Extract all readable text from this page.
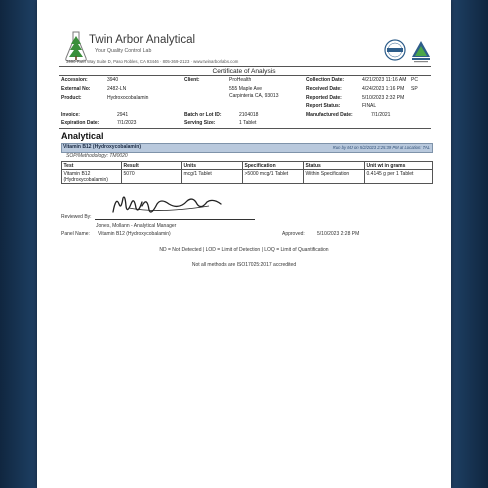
Twin Arbor Analytical
Your Quality Control Lab
3990 Ruth Way Suite D, Paso Robles, CA 93446 · 805-369-2123 · www.twinarborlabs.com
Certificate of Analysis
Accession:	3940
External No:	2482-LN
Product:	Hydroxocobalamin
Invoice:	2941
Expiration Date:	7/1/2023
Client:	ProHealth
555 Maple Ave
Carpinteria CA, 93013
Batch or Lot ID:	2104018
Serving Size:	1 Tablet
Collection Date:	4/21/2023 11:16 AM PC
Received Date:	4/24/2023 1:16 PM SP
Reported Date:	5/10/2023 2:32 PM
Report Status:	FINAL
Manufactured Date:	7/1/2021
Analytical
Vitamin B12 (Hydroxycobalamin)	Run by MJ on 5/2/2023 2:25:39 PM at Location: TAL
SOP/Methodology: TM0020
Test	Result	Units	Specification	Status	Unit wt in grams
Vitamin B12
(Hydroxycobalamin)	5070	mcg/1 Tablet	>5000 mcg/1 Tablet	Within Specification	0.4145 g per 1 Tablet
Reviewed By:
Jones, Mollann - Analytical Manager
Panel Name: Vitamin B12 (Hydroxycobalamin)	Approved: 5/10/2023 2:28 PM
ND = Not Detected | LOD = Limit of Detection | LOQ = Limit of Quantification
Not all methods are ISO17025:2017 accredited
